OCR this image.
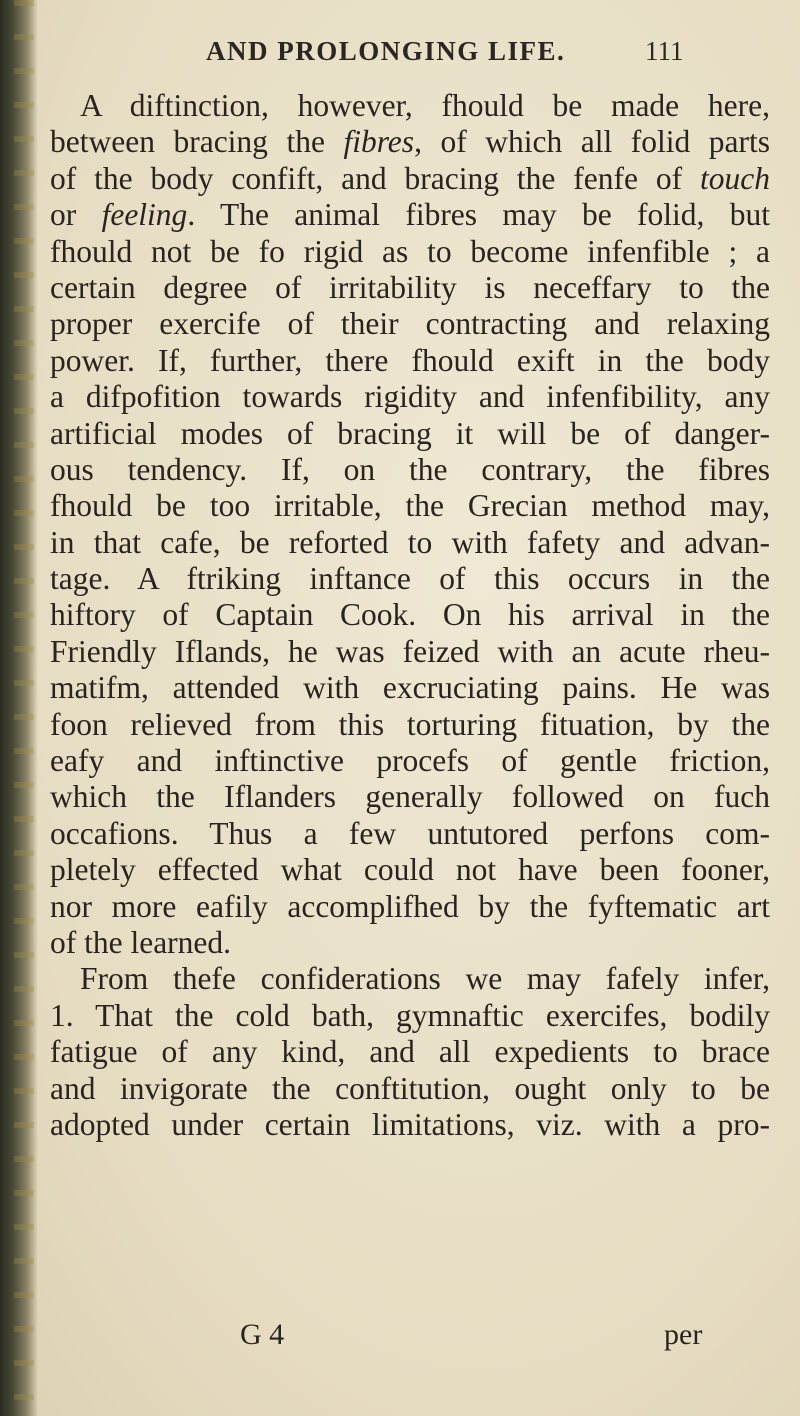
AND PROLONGING LIFE.	111
A diftinction, however, fhould be made here,
between bracing the fibres, of which all folid parts
of the body confift, and bracing the fenfe of touch
or feeling. The animal fibres may be folid, but
fhould not be fo rigid as to become infenfible ; a
certain degree of irritability is neceffary to the
proper exercife of their contracting and relaxing
power. If, further, there fhould exift in the body
a difpofition towards rigidity and infenfibility, any
artificial modes of bracing it will be of danger-
ous tendency. If, on the contrary, the fibres
fhould be too irritable, the Grecian method may,
in that cafe, be reforted to with fafety and advan-
tage. A ftriking inftance of this occurs in the
hiftory of Captain Cook. On his arrival in the
Friendly Iflands, he was feized with an acute rheu-
matifm, attended with excruciating pains. He was
foon relieved from this torturing fituation, by the
eafy and inftinctive procefs of gentle friction,
which the Iflanders generally followed on fuch
occafions. Thus a few untutored perfons com-
pletely effected what could not have been fooner,
nor more eafily accomplifhed by the fyftematic art
of the learned.
From thefe confiderations we may fafely infer,
1. That the cold bath, gymnaftic exercifes, bodily
fatigue of any kind, and all expedients to brace
and invigorate the conftitution, ought only to be
adopted under certain limitations, viz. with a pro-
G 4	per
